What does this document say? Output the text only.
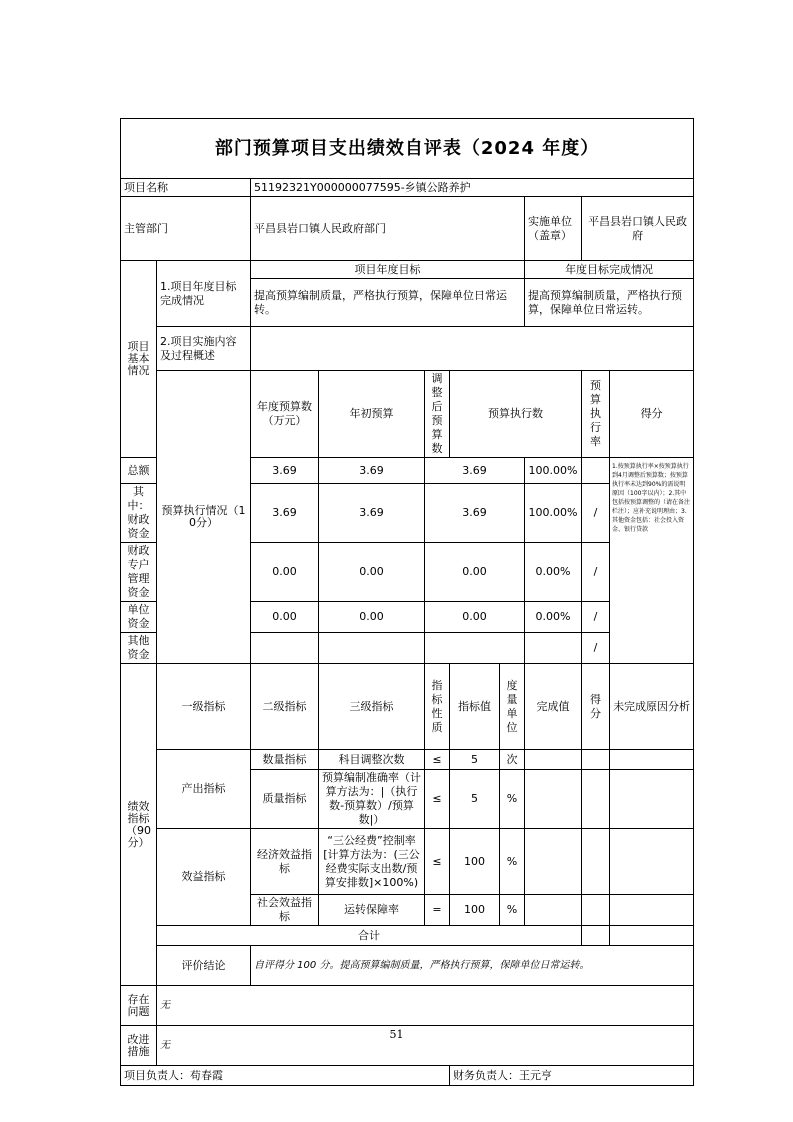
部门预算项目支出绩效自评表（2024 年度）										
项目名称		51192321Y000000077595-乡镇公路养护								
主管部门		平昌县岩口镇人民政府部门					实施单位（盖章）	平昌县岩口镇人民政府		
项目基本情况	1.项目年度目标完成情况	项目年度目标					年度目标完成情况			
		提高预算编制质量，严格执行预算，保障单位日常运转。					提高预算编制质量，严格执行预算，保障单位日常运转。			
	2.项目实施内容及过程概述									
	预算执行情况（10分）	年度预算数（万元）	年初预算	调整后预算数	预算执行数			预算执行率	得分	
总额		3.69	3.69	3.69			100.00%		1.按预算执行率×按预算执行到4月调整后预算数；按预算执行率未达到90%的需说明原因（100字以内）；2.其中包括按预算调整的（请在备注栏注）；应补充说明理由；3.其他资金包括：社会投入资金、银行贷款	
其中：财政资金		3.69	3.69	3.69			100.00%	/		
财政专户管理资金		0.00	0.00	0.00			0.00%	/		
单位资金		0.00	0.00	0.00			0.00%	/		
其他资金								/		
绩效指标（90分）	一级指标	二级指标	三级指标	指标性质	指标值	度量单位	完成值	得分	未完成原因分析	
	产出指标	数量指标	科目调整次数	≤	5	次				
		质量指标	预算编制准确率（计算方法为：|（执行数-预算数）/预算数|）	≤	5	%				
	效益指标	经济效益指标	“三公经费”控制率[计算方法为：(三公经费实际支出数/预算安排数]×100%)	≤	100	%				
		社会效益指标	运转保障率	=	100	%				
	合计									
	评价结论	自评得分 100 分。提高预算编制质量，严格执行预算，保障单位日常运转。								
存在问题	无									
改进措施	无									
项目负责人：苟春霞					财务负责人：王元亨					
51
